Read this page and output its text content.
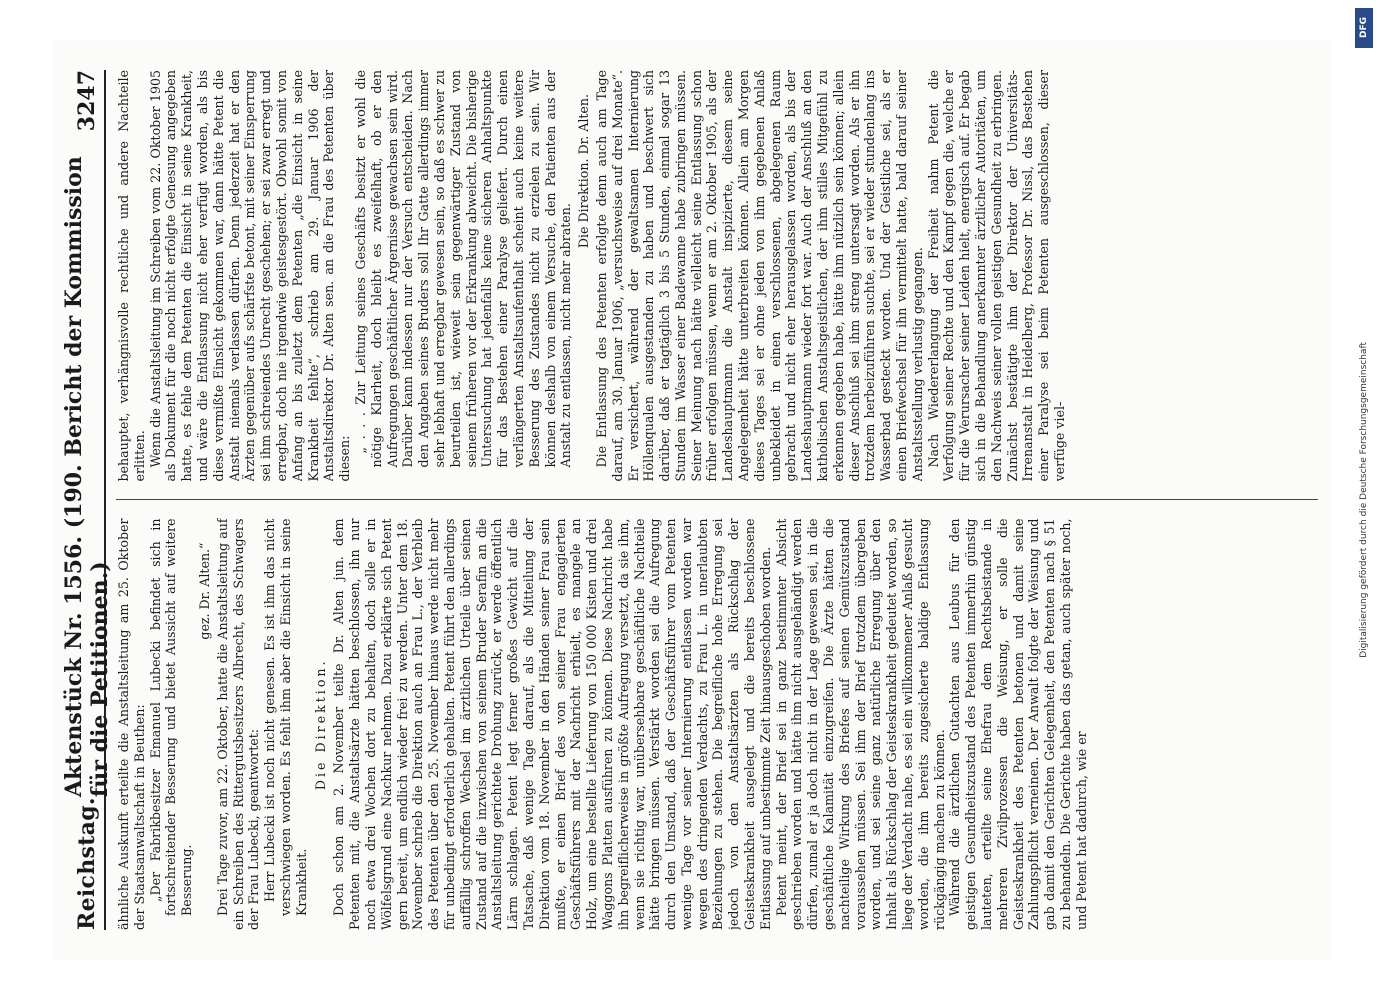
Reichstag.
Aktenstück Nr. 1556. (190. Bericht der Kommission für die Petitionen.)
3247

ähnliche Auskunft erteilte die Anstaltsleitung am 25. Oktober der Staatsanwaltschaft in Beuthen: „Der Fabrikbesitzer Emanuel Lubecki befindet sich in fortschreitender Besserung und bietet Aussicht auf weitere Besserung.

gez. Dr. Alten.“ Drei Tage zuvor, am 22. Oktober, hatte die Anstaltsleitung auf ein Schreiben des Rittergutsbesitzers Albrecht, des Schwagers der Frau Lubecki, geantwortet: Herr Lubecki ist noch nicht genesen. Es ist ihm das nicht verschwiegen worden. Es fehlt ihm aber die Einsicht in seine Krankheit.

Die Direktion. Doch schon am 2. November teilte Dr. Alten jun. dem Petenten mit, die Anstaltsärzte hätten beschlossen, ihn nur noch etwa drei Wochen dort zu behalten, doch solle er in Wölfelsgrund eine Nachkur nehmen. Dazu erklärte sich Petent gern bereit, um endlich wieder frei zu werden. Unter dem 18. November schrieb die Direktion auch an Frau L., der Verbleib des Petenten über den 25. November hinaus werde nicht mehr für unbedingt erforderlich gehalten. Petent führt den allerdings auffällig schroffen Wechsel im ärztlichen Urteile über seinen Zustand auf die inzwischen von seinem Bruder Serafin an die Anstaltsleitung gerichtete Drohung zurück, er werde öffentlich Lärm schlagen. Petent legt ferner großes Gewicht auf die Tatsache, daß wenige Tage darauf, als die Mitteilung der Direktion vom 18. November in den Händen seiner Frau sein mußte, er einen Brief des von seiner Frau engagierten Geschäftsführers mit der Nachricht erhielt, es mangele an Holz, um eine bestellte Lieferung von 150 000 Kisten und drei Waggons Platten ausführen zu können. Diese Nachricht habe ihn begreiflicherweise in größte Aufregung versetzt, da sie ihm, wenn sie richtig war, unübersehbare geschäftliche Nachteile hätte bringen müssen. Verstärkt worden sei die Aufregung durch den Umstand, daß der Geschäftsführer vom Petenten wenige Tage vor seiner Internierung entlassen worden war wegen des dringenden Verdachts, zu Frau L. in unerlaubten Beziehungen zu stehen. Die begreifliche hohe Erregung sei jedoch von den Anstaltsärzten als Rückschlag der Geisteskrankheit ausgelegt und die bereits beschlossene Entlassung auf unbestimmte Zeit hinausgeschoben worden. Petent meint, der Brief sei in ganz bestimmter Absicht geschrieben worden und hätte ihm nicht ausgehändigt werden dürfen, zumal er ja doch nicht in der Lage gewesen sei, in die geschäftliche Kalamität einzugreifen. Die Ärzte hätten die nachteilige Wirkung des Briefes auf seinen Gemütszustand voraussehen müssen. Sei ihm der Brief trotzdem übergeben worden, und sei seine ganz natürliche Erregung über den Inhalt als Rückschlag der Geisteskrankheit gedeutet worden, so liege der Verdacht nahe, es sei ein willkommener Anlaß gesucht worden, die ihm bereits zugesicherte baldige Entlassung rückgängig machen zu können. Während die ärztlichen Gutachten aus Leubus für den geistigen Gesundheitszustand des Petenten immerhin günstig lauteten, erteilte seine Ehefrau dem Rechtsbeistande in mehreren Zivilprozessen die Weisung, er solle die Geisteskrankheit des Petenten betonen und damit seine Zahlungspflicht verneinen. Der Anwalt folgte der Weisung und gab damit den Gerichten Gelegenheit, den Petenten nach § 51 zu behandeln. Die Gerichte haben das getan, auch später noch, und Petent hat dadurch, wie er

behauptet, verhängnisvolle rechtliche und andere Nachteile erlitten. Wenn die Anstaltsleitung im Schreiben vom 22. Oktober 1905 als Dokument für die noch nicht erfolgte Genesung angegeben hatte, es fehle dem Petenten die Einsicht in seine Krankheit, und wäre die Entlassung nicht eher verfügt worden, als bis diese vermißte Einsicht gekommen war, dann hätte Petent die Anstalt niemals verlassen dürfen. Denn jederzeit hat er den Ärzten gegenüber aufs schärfste betont, mit seiner Einsperrung sei ihm schreiendes Unrecht geschehen; er sei zwar erregt und erregbar, doch nie irgendwie geistesgestört. Obwohl somit von Anfang an bis zuletzt dem Petenten „die Einsicht in seine Krankheit fehlte“, schrieb am 29. Januar 1906 der Anstaltsdirektor Dr. Alten sen. an die Frau des Petenten über diesen:

„ . . . Zur Leitung seines Geschäfts besitzt er wohl die nötige Klarheit, doch bleibt es zweifelhaft, ob er den Aufregungen geschäftlicher Ärgernisse gewachsen sein wird. Darüber kann indessen nur der Versuch entscheiden. Nach den Angaben seines Bruders soll Ihr Gatte allerdings immer sehr lebhaft und erregbar gewesen sein, so daß es schwer zu beurteilen ist, wieweit sein gegenwärtiger Zustand von seinem früheren vor der Erkrankung abweicht. Die bisherige Untersuchung hat jedenfalls keine sicheren Anhaltspunkte für das Bestehen einer Paralyse geliefert. Durch einen verlängerten Anstaltsaufenthalt scheint auch keine weitere Besserung des Zustandes nicht zu erzielen zu sein. Wir können deshalb von einem Versuche, den Patienten aus der Anstalt zu entlassen, nicht mehr abraten.

Die Direktion. Dr. Alten. Die Entlassung des Petenten erfolgte denn auch am Tage darauf, am 30. Januar 1906, „versuchsweise auf drei Monate“. Er versichert, während der gewaltsamen Internierung Höllenqualen ausgestanden zu haben und beschwert sich darüber, daß er tagtäglich 3 bis 5 Stunden, einmal sogar 13 Stunden im Wasser einer Badewanne habe zubringen müssen. Seiner Meinung nach hätte vielleicht seine Entlassung schon früher erfolgen müssen, wenn er am 2. Oktober 1905, als der Landeshauptmann die Anstalt inspizierte, diesem seine Angelegenheit hätte unterbreiten können. Allein am Morgen dieses Tages sei er ohne jeden von ihm gegebenen Anlaß unbekleidet in einen verschlossenen, abgelegenen Raum gebracht und nicht eher herausgelassen worden, als bis der Landeshauptmann wieder fort war. Auch der Anschluß an den katholischen Anstaltsgeistlichen, der ihm stilles Mitgefühl zu erkennen gegeben habe, hätte ihm nützlich sein können; allein dieser Anschluß sei ihm streng untersagt worden. Als er ihn trotzdem herbeizuführen suchte, sei er wieder stundenlang ins Wasserbad gesteckt worden. Und der Geistliche sei, als er einen Briefwechsel für ihn vermittelt hatte, bald darauf seiner Anstaltsstellung verlustig gegangen. Nach Wiedererlangung der Freiheit nahm Petent die Verfolgung seiner Rechte und den Kampf gegen die, welche er für die Verursacher seiner Leiden hielt, energisch auf. Er begab sich in die Behandlung anerkannter ärztlicher Autoritäten, um den Nachweis seiner vollen geistigen Gesundheit zu erbringen. Zunächst bestätigte ihm der Direktor der Universitäts-Irrenanstalt in Heidelberg, Professor Dr. Nissl, das Bestehen einer Paralyse sei beim Petenten ausgeschlossen, dieser verfüge viel-

DFG
Digitalisierung gefördert durch die Deutsche Forschungsgemeinschaft
